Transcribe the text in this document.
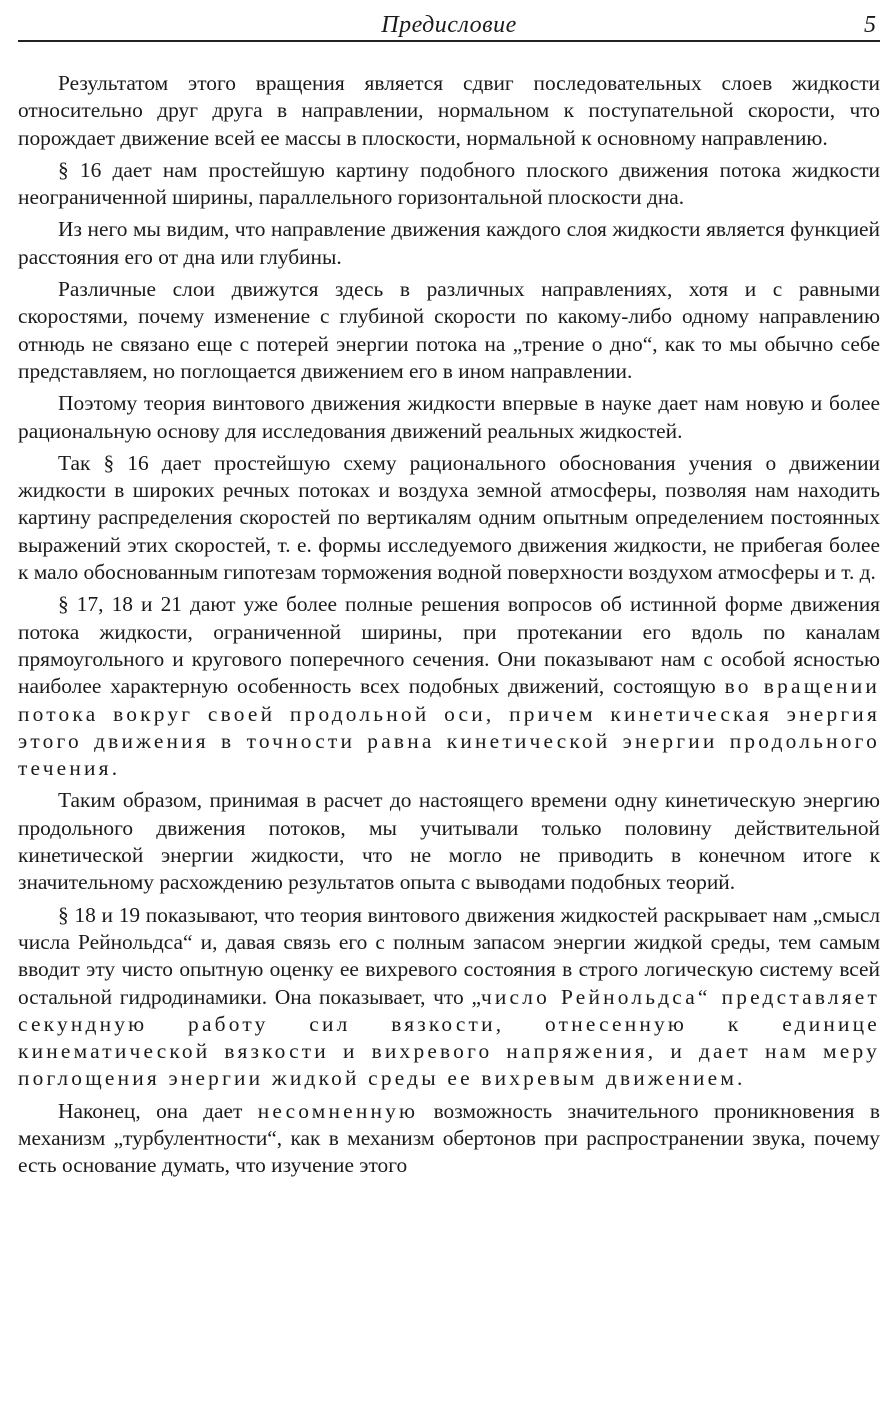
Предисловие	5

Результатом этого вращения является сдвиг последовательных слоев жидкости относительно друг друга в направлении, нормальном к поступательной скорости, что порождает движение всей ее массы в плоскости, нормальной к основному направлению.

§ 16 дает нам простейшую картину подобного плоского движения потока жидкости неограниченной ширины, параллельного горизонтальной плоскости дна.

Из него мы видим, что направление движения каждого слоя жидкости является функцией расстояния его от дна или глубины.

Различные слои движутся здесь в различных направлениях, хотя и с равными скоростями, почему изменение с глубиной скорости по какому-либо одному направлению отнюдь не связано еще с потерей энергии потока на „трение о дно“, как то мы обычно себе представляем, но поглощается движением его в ином направлении.

Поэтому теория винтового движения жидкости впервые в науке дает нам новую и более рациональную основу для исследования движений реальных жидкостей.

Так § 16 дает простейшую схему рационального обоснования учения о движении жидкости в широких речных потоках и воздуха земной атмосферы, позволяя нам находить картину распределения скоростей по вертикалям одним опытным определением постоянных выражений этих скоростей, т. е. формы исследуемого движения жидкости, не прибегая более к мало обоснованным гипотезам торможения водной поверхности воздухом атмосферы и т. д.

§ 17, 18 и 21 дают уже более полные решения вопросов об истинной форме движения потока жидкости, ограниченной ширины, при протекании его вдоль по каналам прямоугольного и кругового поперечного сечения. Они показывают нам с особой ясностью наиболее характерную особенность всех подобных движений, состоящую во вращении потока вокруг своей продольной оси, причем кинетическая энергия этого движения в точности равна кинетической энергии продольного течения.

Таким образом, принимая в расчет до настоящего времени одну кинетическую энергию продольного движения потоков, мы учитывали только половину действительной кинетической энергии жидкости, что не могло не приводить в конечном итоге к значительному расхождению результатов опыта с выводами подобных теорий.

§ 18 и 19 показывают, что теория винтового движения жидкостей раскрывает нам „смысл числа Рейнольдса“ и, давая связь его с полным запасом энергии жидкой среды, тем самым вводит эту чисто опытную оценку ее вихревого состояния в строго логическую систему всей остальной гидродинамики. Она показывает, что „число Рейнольдса“ представляет секундную работу сил вязкости, отнесенную к единице кинематической вязкости и вихревого напряжения, и дает нам меру поглощения энергии жидкой среды ее вихревым движением.

Наконец, она дает несомненную возможность значительного проникновения в механизм „турбулентности“, как в механизм обертонов при распространении звука, почему есть основание думать, что изучение этого
